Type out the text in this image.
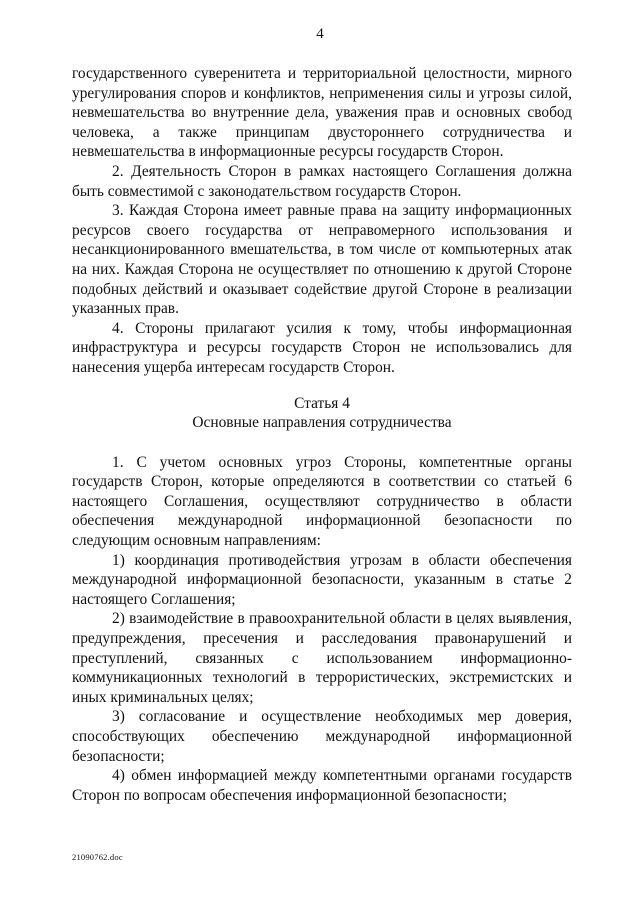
4

государственного суверенитета и территориальной целостности, мирного урегулирования споров и конфликтов, неприменения силы и угрозы силой, невмешательства во внутренние дела, уважения прав и основных свобод человека, а также принципам двустороннего сотрудничества и невмешательства в информационные ресурсы государств Сторон.

2. Деятельность Сторон в рамках настоящего Соглашения должна быть совместимой с законодательством государств Сторон.

3. Каждая Сторона имеет равные права на защиту информационных ресурсов своего государства от неправомерного использования и несанкционированного вмешательства, в том числе от компьютерных атак на них. Каждая Сторона не осуществляет по отношению к другой Стороне подобных действий и оказывает содействие другой Стороне в реализации указанных прав.

4. Стороны прилагают усилия к тому, чтобы информационная инфраструктура и ресурсы государств Сторон не использовались для нанесения ущерба интересам государств Сторон.

Статья 4

Основные направления сотрудничества

1. С учетом основных угроз Стороны, компетентные органы государств Сторон, которые определяются в соответствии со статьей 6 настоящего Соглашения, осуществляют сотрудничество в области обеспечения международной информационной безопасности по следующим основным направлениям:

1) координация противодействия угрозам в области обеспечения международной информационной безопасности, указанным в статье 2 настоящего Соглашения;

2) взаимодействие в правоохранительной области в целях выявления, предупреждения, пресечения и расследования правонарушений и преступлений, связанных с использованием информационно-коммуникационных технологий в террористических, экстремистских и иных криминальных целях;

3) согласование и осуществление необходимых мер доверия, способствующих обеспечению международной информационной безопасности;

4) обмен информацией между компетентными органами государств Сторон по вопросам обеспечения информационной безопасности;

21090762.doc
